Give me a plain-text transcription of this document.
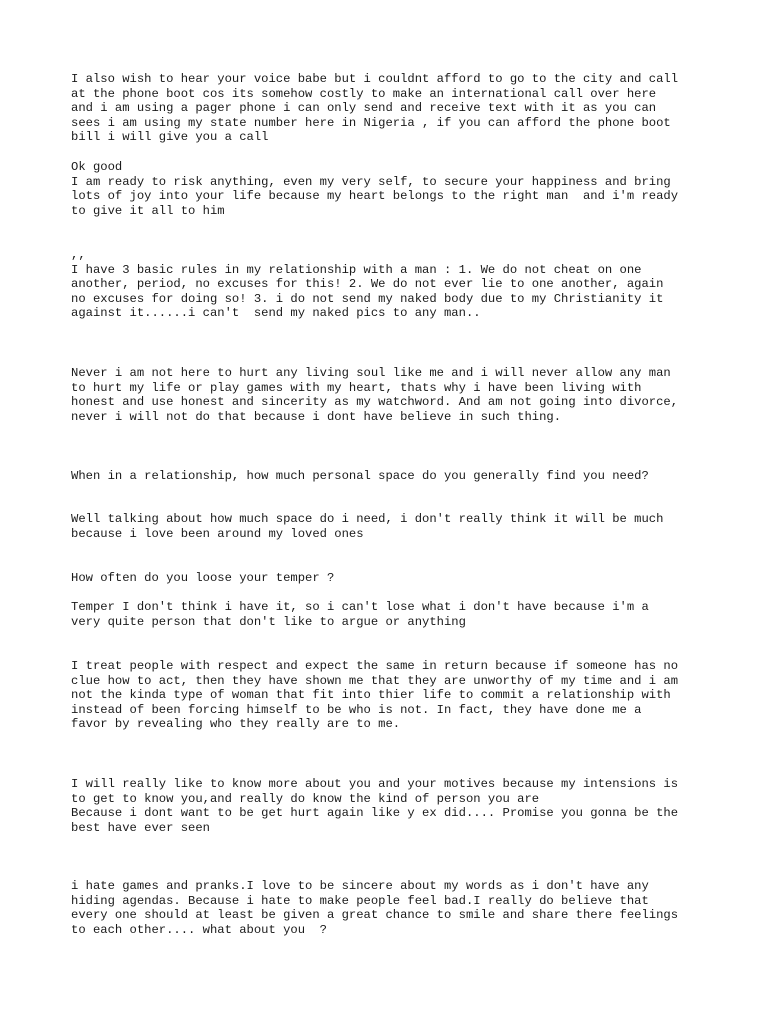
I also wish to hear your voice babe but i couldnt afford to go to the city and call
at the phone boot cos its somehow costly to make an international call over here
and i am using a pager phone i can only send and receive text with it as you can
sees i am using my state number here in Nigeria , if you can afford the phone boot
bill i will give you a call

Ok good
I am ready to risk anything, even my very self, to secure your happiness and bring
lots of joy into your life because my heart belongs to the right man  and i'm ready
to give it all to him

,,
I have 3 basic rules in my relationship with a man : 1. We do not cheat on one
another, period, no excuses for this! 2. We do not ever lie to one another, again
no excuses for doing so! 3. i do not send my naked body due to my Christianity it
against it......i can't  send my naked pics to any man..

Never i am not here to hurt any living soul like me and i will never allow any man
to hurt my life or play games with my heart, thats why i have been living with
honest and use honest and sincerity as my watchword. And am not going into divorce,
never i will not do that because i dont have believe in such thing.

When in a relationship, how much personal space do you generally find you need?

Well talking about how much space do i need, i don't really think it will be much
because i love been around my loved ones

How often do you loose your temper ?

Temper I don't think i have it, so i can't lose what i don't have because i'm a
very quite person that don't like to argue or anything

I treat people with respect and expect the same in return because if someone has no
clue how to act, then they have shown me that they are unworthy of my time and i am
not the kinda type of woman that fit into thier life to commit a relationship with
instead of been forcing himself to be who is not. In fact, they have done me a
favor by revealing who they really are to me.

I will really like to know more about you and your motives because my intensions is
to get to know you,and really do know the kind of person you are
Because i dont want to be get hurt again like y ex did.... Promise you gonna be the
best have ever seen

i hate games and pranks.I love to be sincere about my words as i don't have any
hiding agendas. Because i hate to make people feel bad.I really do believe that
every one should at least be given a great chance to smile and share there feelings
to each other.... what about you  ?
